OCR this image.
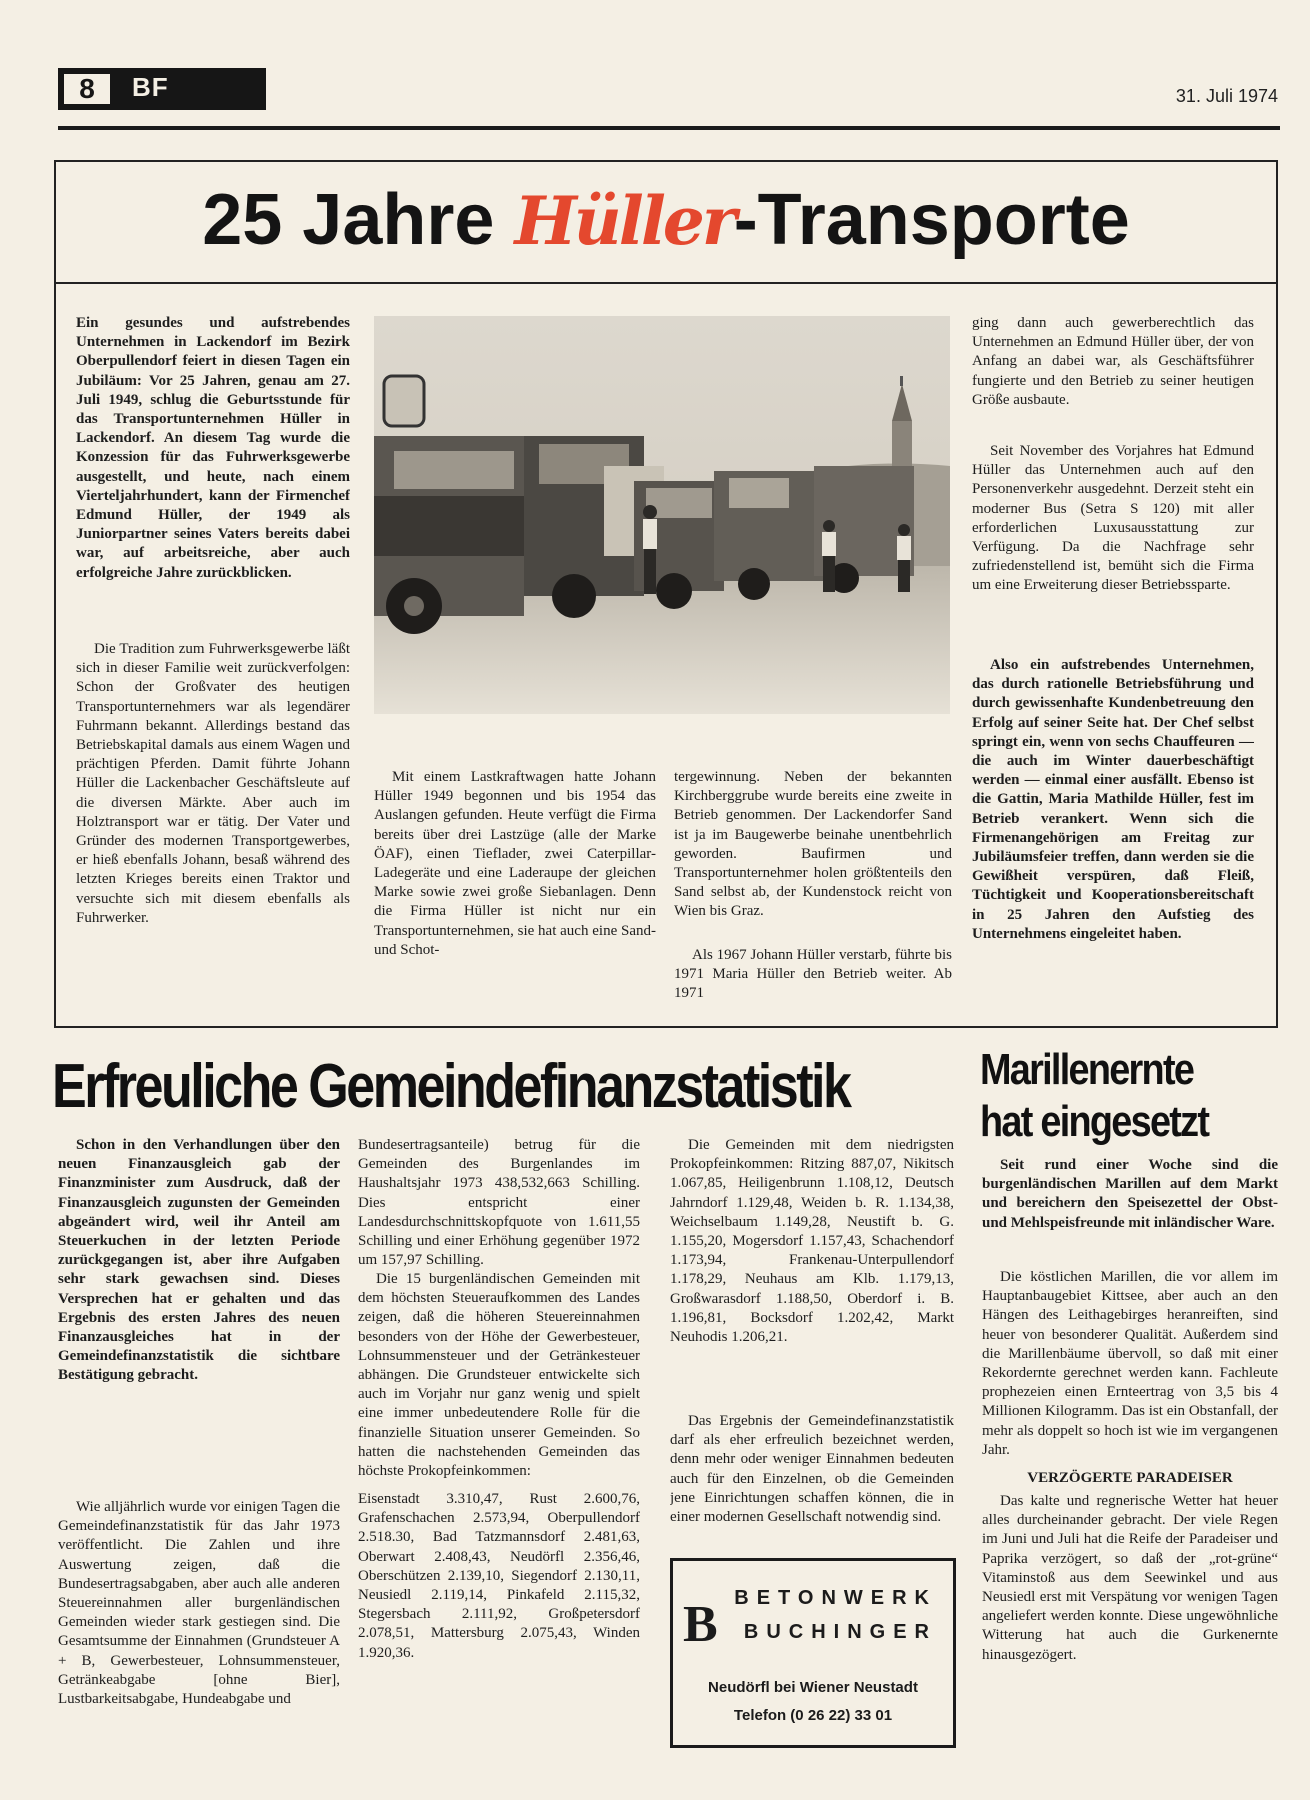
8	BF	31. Juli 1974
25 Jahre Hüller-Transporte
Ein gesundes und aufstrebendes Unternehmen in Lackendorf im Bezirk Oberpullendorf feiert in diesen Tagen ein Jubiläum: Vor 25 Jahren, genau am 27. Juli 1949, schlug die Geburtsstunde für das Transportunternehmen Hüller in Lackendorf. An diesem Tag wurde die Konzession für das Fuhrwerksgewerbe ausgestellt, und heute, nach einem Vierteljahrhundert, kann der Firmenchef Edmund Hüller, der 1949 als Juniorpartner seines Vaters bereits dabei war, auf arbeitsreiche, aber auch erfolgreiche Jahre zurückblicken.
Die Tradition zum Fuhrwerksgewerbe läßt sich in dieser Familie weit zurückverfolgen: Schon der Großvater des heutigen Transportunternehmers war als legendärer Fuhrmann bekannt. Allerdings bestand das Betriebskapital damals aus einem Wagen und prächtigen Pferden. Damit führte Johann Hüller die Lackenbacher Geschäftsleute auf die diversen Märkte. Aber auch im Holztransport war er tätig. Der Vater und Gründer des modernen Transportgewerbes, er hieß ebenfalls Johann, besaß während des letzten Krieges bereits einen Traktor und versuchte sich mit diesem ebenfalls als Fuhrwerker.
Mit einem Lastkraftwagen hatte Johann Hüller 1949 begonnen und bis 1954 das Auslangen gefunden. Heute verfügt die Firma bereits über drei Lastzüge (alle der Marke ÖAF), einen Tieflader, zwei Caterpillar-Ladegeräte und eine Laderaupe der gleichen Marke sowie zwei große Siebanlagen. Denn die Firma Hüller ist nicht nur ein Transportunternehmen, sie hat auch eine Sand- und Schot-
tergewinnung. Neben der bekannten Kirchberggrube wurde bereits eine zweite in Betrieb genommen. Der Lackendorfer Sand ist ja im Baugewerbe beinahe unentbehrlich geworden. Baufirmen und Transportunternehmer holen größtenteils den Sand selbst ab, der Kundenstock reicht von Wien bis Graz.
Als 1967 Johann Hüller verstarb, führte bis 1971 Maria Hüller den Betrieb weiter. Ab 1971
ging dann auch gewerberechtlich das Unternehmen an Edmund Hüller über, der von Anfang an dabei war, als Geschäftsführer fungierte und den Betrieb zu seiner heutigen Größe ausbaute.
Seit November des Vorjahres hat Edmund Hüller das Unternehmen auch auf den Personenverkehr ausgedehnt. Derzeit steht ein moderner Bus (Setra S 120) mit aller erforderlichen Luxusausstattung zur Verfügung. Da die Nachfrage sehr zufriedenstellend ist, bemüht sich die Firma um eine Erweiterung dieser Betriebssparte.
Also ein aufstrebendes Unternehmen, das durch rationelle Betriebsführung und durch gewissenhafte Kundenbetreuung den Erfolg auf seiner Seite hat. Der Chef selbst springt ein, wenn von sechs Chauffeuren — die auch im Winter dauerbeschäftigt werden — einmal einer ausfällt. Ebenso ist die Gattin, Maria Mathilde Hüller, fest im Betrieb verankert. Wenn sich die Firmenangehörigen am Freitag zur Jubiläumsfeier treffen, dann werden sie die Gewißheit verspüren, daß Fleiß, Tüchtigkeit und Kooperationsbereitschaft in 25 Jahren den Aufstieg des Unternehmens eingeleitet haben.
Erfreuliche Gemeindefinanzstatistik
Schon in den Verhandlungen über den neuen Finanzausgleich gab der Finanzminister zum Ausdruck, daß der Finanzausgleich zugunsten der Gemeinden abgeändert wird, weil ihr Anteil am Steuerkuchen in der letzten Periode zurückgegangen ist, aber ihre Aufgaben sehr stark gewachsen sind. Dieses Versprechen hat er gehalten und das Ergebnis des ersten Jahres des neuen Finanzausgleiches hat in der Gemeindefinanzstatistik die sichtbare Bestätigung gebracht.
Wie alljährlich wurde vor einigen Tagen die Gemeindefinanzstatistik für das Jahr 1973 veröffentlicht. Die Zahlen und ihre Auswertung zeigen, daß die Bundesertragsabgaben, aber auch alle anderen Steuereinnahmen aller burgenländischen Gemeinden wieder stark gestiegen sind. Die Gesamtsumme der Einnahmen (Grundsteuer A + B, Gewerbesteuer, Lohnsummensteuer, Getränkeabgabe [ohne Bier], Lustbarkeitsabgabe, Hundeabgabe und
Bundesertragsanteile) betrug für die Gemeinden des Burgenlandes im Haushaltsjahr 1973 438,532,663 Schilling. Dies entspricht einer Landesdurchschnittskopfquote von 1.611,55 Schilling und einer Erhöhung gegenüber 1972 um 157,97 Schilling.
Die 15 burgenländischen Gemeinden mit dem höchsten Steueraufkommen des Landes zeigen, daß die höheren Steuereinnahmen besonders von der Höhe der Gewerbesteuer, Lohnsummensteuer und der Getränkesteuer abhängen. Die Grundsteuer entwickelte sich auch im Vorjahr nur ganz wenig und spielt eine immer unbedeutendere Rolle für die finanzielle Situation unserer Gemeinden. So hatten die nachstehenden Gemeinden das höchste Prokopfeinkommen:
Eisenstadt 3.310,47, Rust 2.600,76, Grafenschachen 2.573,94, Oberpullendorf 2.518.30, Bad Tatzmannsdorf 2.481,63, Oberwart 2.408,43, Neudörfl 2.356,46, Oberschützen 2.139,10, Siegendorf 2.130,11, Neusiedl 2.119,14, Pinkafeld 2.115,32, Stegersbach 2.111,92, Großpetersdorf 2.078,51, Mattersburg 2.075,43, Winden 1.920,36.
Die Gemeinden mit dem niedrigsten Prokopfeinkommen: Ritzing 887,07, Nikitsch 1.067,85, Heiligenbrunn 1.108,12, Deutsch Jahrndorf 1.129,48, Weiden b. R. 1.134,38, Weichselbaum 1.149,28, Neustift b. G. 1.155,20, Mogersdorf 1.157,43, Schachendorf 1.173,94, Frankenau-Unterpullendorf 1.178,29, Neuhaus am Klb. 1.179,13, Großwarasdorf 1.188,50, Oberdorf i. B. 1.196,81, Bocksdorf 1.202,42, Markt Neuhodis 1.206,21.
Das Ergebnis der Gemeindefinanzstatistik darf als eher erfreulich bezeichnet werden, denn mehr oder weniger Einnahmen bedeuten auch für den Einzelnen, ob die Gemeinden jene Einrichtungen schaffen können, die in einer modernen Gesellschaft notwendig sind.
B BETONWERK
BUCHINGER
Neudörfl bei Wiener Neustadt
Telefon (0 26 22) 33 01
Marillenernte
hat eingesetzt
Seit rund einer Woche sind die burgenländischen Marillen auf dem Markt und bereichern den Speisezettel der Obst- und Mehlspeisfreunde mit inländischer Ware.
Die köstlichen Marillen, die vor allem im Hauptanbaugebiet Kittsee, aber auch an den Hängen des Leithagebirges heranreiften, sind heuer von besonderer Qualität. Außerdem sind die Marillenbäume übervoll, so daß mit einer Rekordernte gerechnet werden kann. Fachleute prophezeien einen Ernteertrag von 3,5 bis 4 Millionen Kilogramm. Das ist ein Obstanfall, der mehr als doppelt so hoch ist wie im vergangenen Jahr.
VERZÖGERTE PARADEISER
Das kalte und regnerische Wetter hat heuer alles durcheinander gebracht. Der viele Regen im Juni und Juli hat die Reife der Paradeiser und Paprika verzögert, so daß der „rot-grüne“ Vitaminstoß aus dem Seewinkel und aus Neusiedl erst mit Verspätung vor wenigen Tagen angeliefert werden konnte. Diese ungewöhnliche Witterung hat auch die Gurkenernte hinausgezögert.
